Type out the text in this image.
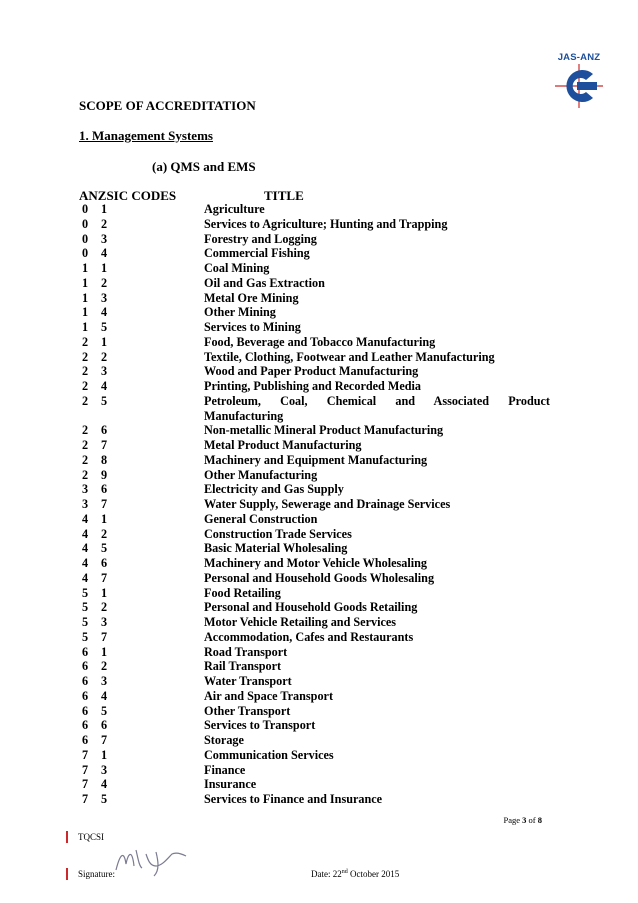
JAS-ANZ
SCOPE OF ACCREDITATION
1. Management Systems
(a) QMS and EMS
ANZSIC CODES	TITLE
0	1	Agriculture
0	2	Services to Agriculture; Hunting and Trapping
0	3	Forestry and Logging
0	4	Commercial Fishing
1	1	Coal Mining
1	2	Oil and Gas Extraction
1	3	Metal Ore Mining
1	4	Other Mining
1	5	Services to Mining
2	1	Food, Beverage and Tobacco Manufacturing
2	2	Textile, Clothing, Footwear and Leather Manufacturing
2	3	Wood and Paper Product Manufacturing
2	4	Printing, Publishing and Recorded Media
2	5	Petroleum, Coal, Chemical and Associated Product Manufacturing
2	6	Non-metallic Mineral Product Manufacturing
2	7	Metal Product Manufacturing
2	8	Machinery and Equipment Manufacturing
2	9	Other Manufacturing
3	6	Electricity and Gas Supply
3	7	Water Supply, Sewerage and Drainage Services
4	1	General Construction
4	2	Construction Trade Services
4	5	Basic Material Wholesaling
4	6	Machinery and Motor Vehicle Wholesaling
4	7	Personal and Household Goods Wholesaling
5	1	Food Retailing
5	2	Personal and Household Goods Retailing
5	3	Motor Vehicle Retailing and Services
5	7	Accommodation, Cafes and Restaurants
6	1	Road Transport
6	2	Rail Transport
6	3	Water Transport
6	4	Air and Space Transport
6	5	Other Transport
6	6	Services to Transport
6	7	Storage
7	1	Communication Services
7	3	Finance
7	4	Insurance
7	5	Services to Finance and Insurance
Page 3 of 8
TQCSI
Signature:	Date: 22nd October 2015
